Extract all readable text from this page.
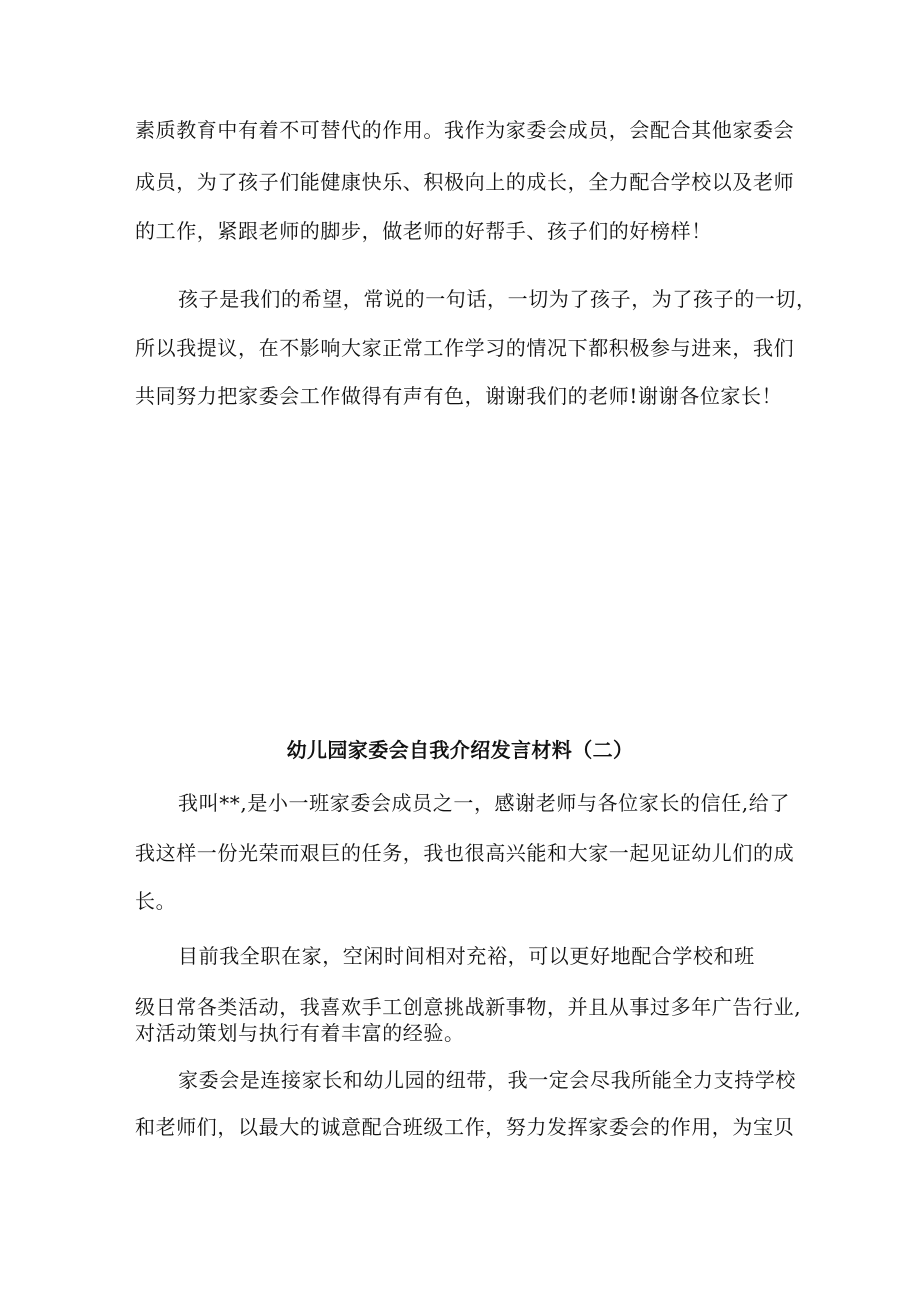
素质教育中有着不可替代的作用。我作为家委会成员，会配合其他家委会
成员，为了孩子们能健康快乐、积极向上的成长，全力配合学校以及老师
的工作，紧跟老师的脚步，做老师的好帮手、孩子们的好榜样！
孩子是我们的希望，常说的一句话，一切为了孩子，为了孩子的一切，
所以我提议，在不影响大家正常工作学习的情况下都积极参与进来，我们
共同努力把家委会工作做得有声有色，谢谢我们的老师!谢谢各位家长！
幼儿园家委会自我介绍发言材料（二）
我叫**,是小一班家委会成员之一，感谢老师与各位家长的信任,给了
我这样一份光荣而艰巨的任务，我也很高兴能和大家一起见证幼儿们的成
长。
目前我全职在家，空闲时间相对充裕，可以更好地配合学校和班
级日常各类活动，我喜欢手工创意挑战新事物，并且从事过多年广告行业,
对活动策划与执行有着丰富的经验。
家委会是连接家长和幼儿园的纽带，我一定会尽我所能全力支持学校
和老师们，以最大的诚意配合班级工作，努力发挥家委会的作用，为宝贝
